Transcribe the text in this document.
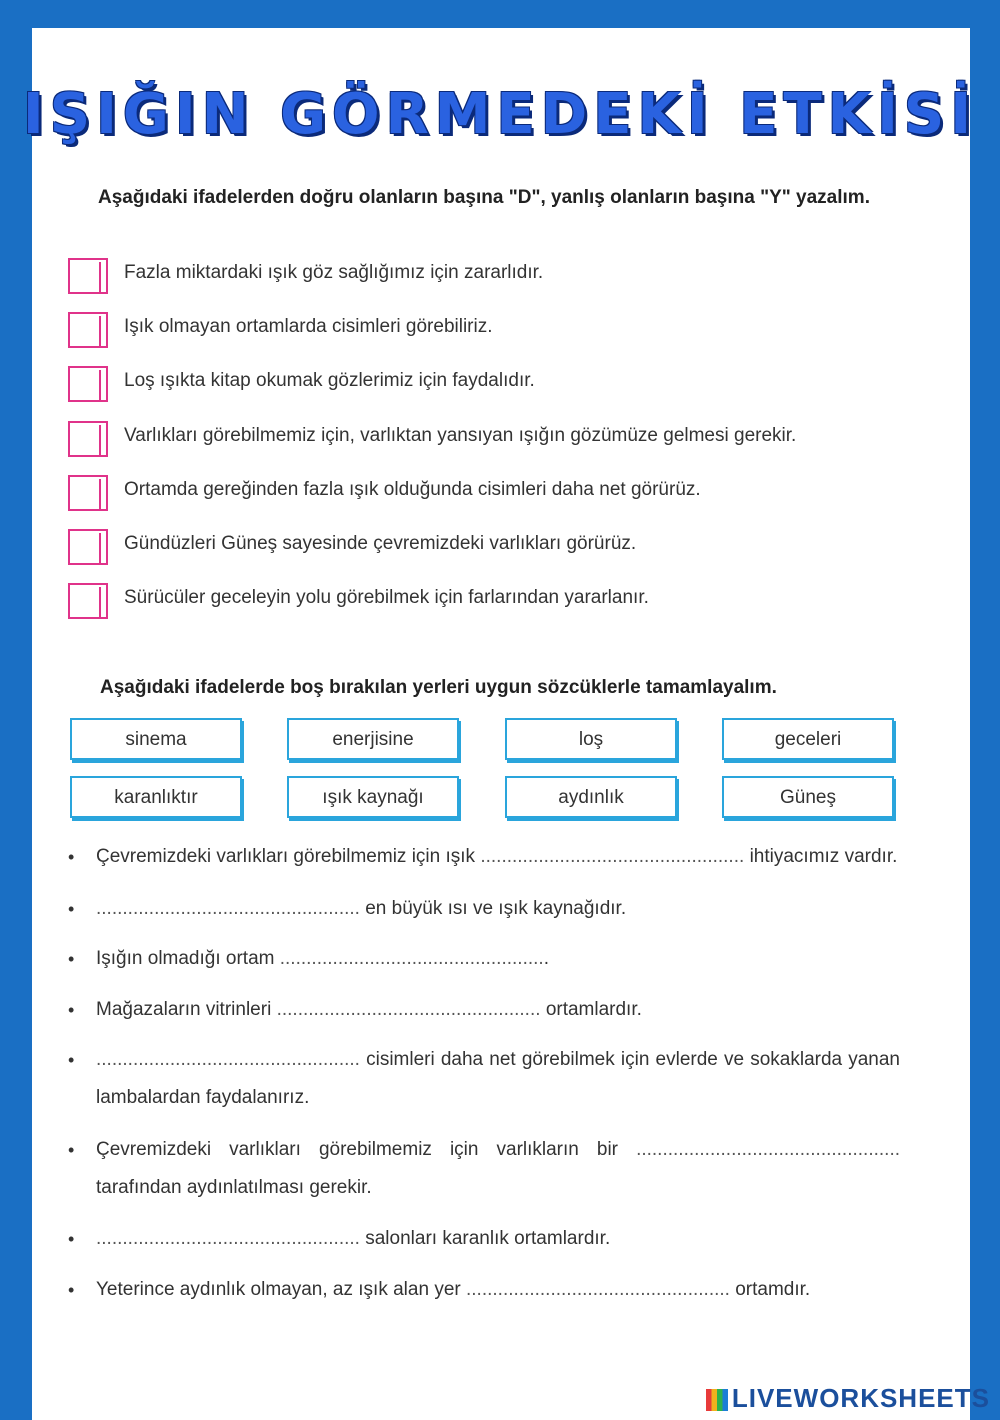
IŞIĞIN GÖRMEDEKİ ETKİSİ
Aşağıdaki ifadelerden doğru olanların başına "D", yanlış olanların başına "Y" yazalım.
Fazla miktardaki ışık göz sağlığımız için zararlıdır.
Işık olmayan ortamlarda cisimleri görebiliriz.
Loş ışıkta kitap okumak gözlerimiz için faydalıdır.
Varlıkları görebilmemiz için, varlıktan yansıyan ışığın gözümüze gelmesi gerekir.
Ortamda gereğinden fazla ışık olduğunda cisimleri daha net görürüz.
Gündüzleri Güneş sayesinde çevremizdeki varlıkları görürüz.
Sürücüler geceleyin yolu görebilmek için farlarından yararlanır.
Aşağıdaki ifadelerde boş bırakılan yerleri uygun sözcüklerle tamamlayalım.
sinema	enerjisine	loş	geceleri
karanlıktır	ışık kaynağı	aydınlık	Güneş
• Çevremizdeki varlıkları görebilmemiz için ışık .................................................. ihtiyacımız vardır.
• .................................................. en büyük ısı ve ışık kaynağıdır.
• Işığın olmadığı ortam ...................................................
• Mağazaların vitrinleri .................................................. ortamlardır.
• .................................................. cisimleri daha net görebilmek için evlerde ve sokaklarda yanan lambalardan faydalanırız.
• Çevremizdeki varlıkları görebilmemiz için varlıkların bir .................................................. tarafından aydınlatılması gerekir.
• .................................................. salonları karanlık ortamlardır.
• Yeterince aydınlık olmayan, az ışık alan yer .................................................. ortamdır.
LIVEWORKSHEETS
